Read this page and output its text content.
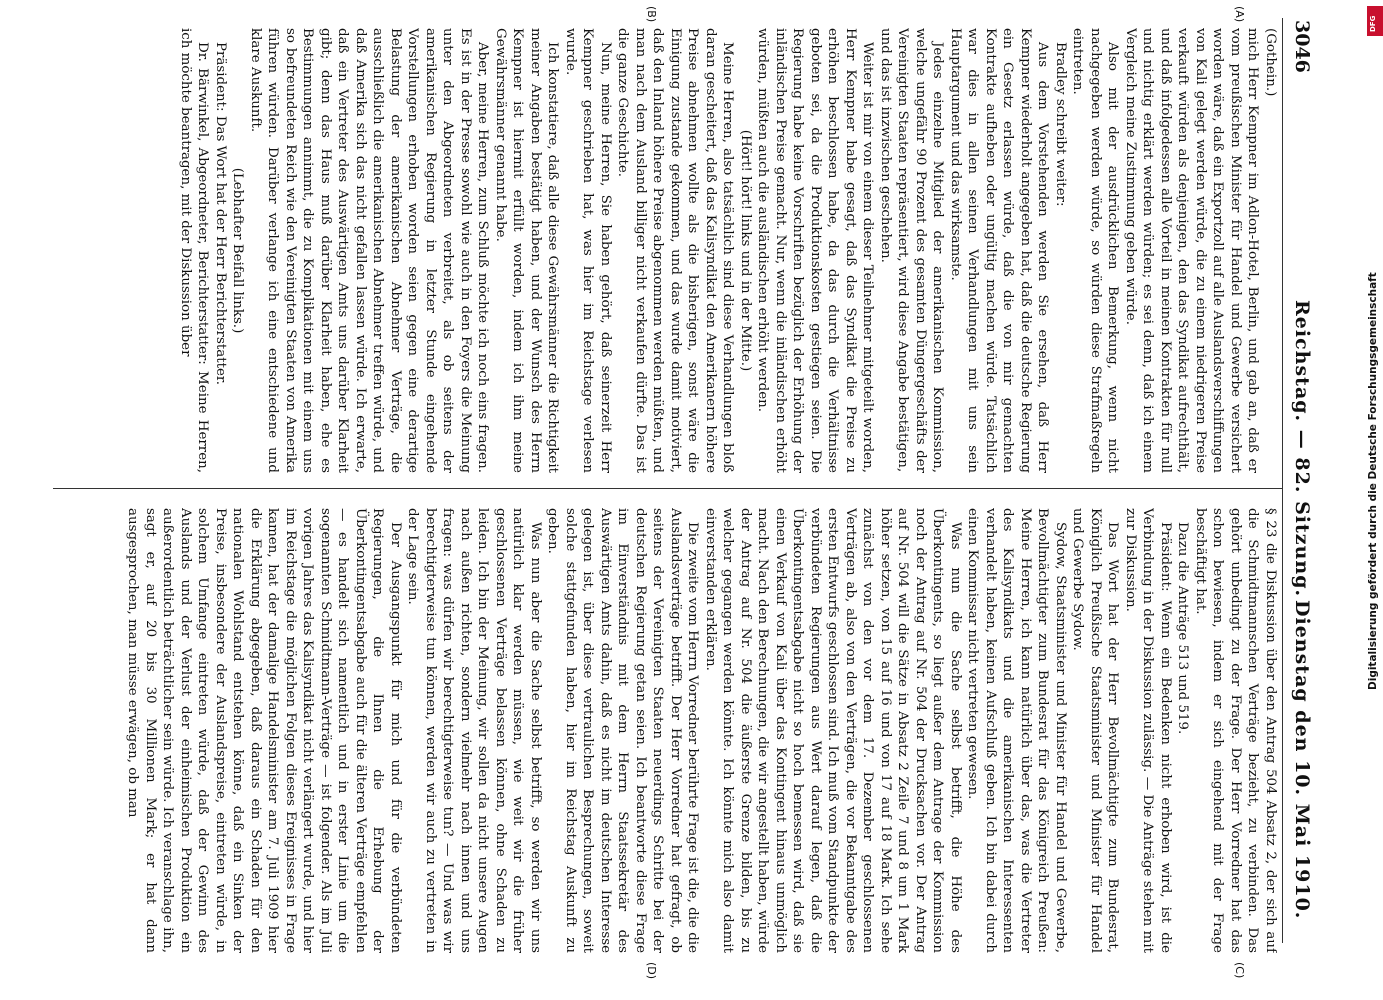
3046
Reichstag. — 82. Sitzung.
Dienstag den 10. Mai 1910.
(A)
(B)
(C)
(D)

(Gothein.)

mich Herr Kempner im Adlon-Hotel, Berlin, und gab an, daß er vom preußischen Minister für Handel und Gewerbe versichert worden wäre, daß ein Exportzoll auf alle Auslandsverschiffungen von Kali gelegt werden würde, die zu einem niedrigeren Preise verkauft würden als denjenigen, den das Syndikat aufrechthält, und daß infolgedessen alle Vorteil in meinen Kontrakten für null und nichtig erklärt werden würden; es sei denn, daß ich einem Vergleich meine Zustimmung geben würde.

Also mit der ausdrücklichen Bemerkung, wenn nicht nachgegeben werden würde, so würden diese Strafmaßregeln eintreten.

Bradley schreibt weiter:

Aus dem Vorstehenden werden Sie ersehen, daß Herr Kempner wiederholt angegeben hat, daß die deutsche Regierung ein Gesetz erlassen würde, daß die von mir gemachten Kontrakte aufheben oder ungültig machen würde. Tatsächlich war dies in allen seinen Verhandlungen mit uns sein Hauptargument und das wirksamste.

Jedes einzelne Mitglied der amerikanischen Kommission, welche ungefähr 90 Prozent des gesamten Düngergeschäfts der Vereinigten Staaten repräsentiert, wird diese Angabe bestätigen,

und das ist inzwischen geschehen.

Weiter ist mir von einem dieser Teilnehmer mitgeteilt worden, Herr Kempner habe gesagt, daß das Syndikat die Preise zu erhöhen beschlossen habe, da das durch die Verhältnisse geboten sei, da die Produktionskosten gestiegen seien. Die Regierung habe keine Vorschriften bezüglich der Erhöhung der inländischen Preise gemacht. Nur, wenn die inländischen erhöht würden, müßten auch die ausländischen erhöht werden.

(Hört! hört! links und in der Mitte.)

Meine Herren, also tatsächlich sind diese Verhandlungen bloß daran gescheitert, daß das Kalisyndikat den Amerikanern höhere Preise abnehmen wollte als die bisherigen, sonst wäre die Einigung zustande gekommen, und das wurde damit motiviert, daß den Inland höhere Preise abgenommen werden müßten, und man nach dem Ausland billiger nicht verkaufen dürfte. Das ist die ganze Geschichte.

Nun, meine Herren, Sie haben gehört, daß seinerzeit Herr Kempner geschrieben hat, was hier im Reichstage verlesen wurde.

Ich konstatiere, daß alle diese Gewährsmänner die Richtigkeit meiner Angaben bestätigt haben, und der Wunsch des Herrn Kempner ist hiermit erfüllt worden, indem ich ihm meine Gewährsmänner genannt habe.

Aber, meine Herren, zum Schluß möchte ich noch eins fragen. Es ist in der Presse sowohl wie auch in den Foyers die Meinung unter den Abgeordneten verbreitet, als ob seitens der amerikanischen Regierung in letzter Stunde eingehende Vorstellungen erhoben worden seien gegen eine derartige Belastung der amerikanischen Abnehmer Verträge, die ausschließlich die amerikanischen Abnehmer treffen würde, und daß Amerika sich das nicht gefallen lassen würde. Ich erwarte, daß ein Vertreter des Auswärtigen Amts uns darüber Klarheit gibt; denn das Haus muß darüber Klarheit haben, ehe es Bestimmungen annimmt, die zu Komplikationen mit einem uns so befreundeten Reich wie den Vereinigten Staaten von Amerika führen würden. Darüber verlange ich eine entschiedene und klare Auskunft.

(Lebhafter Beifall links.)

Präsident: Das Wort hat der Herr Berichterstatter.

Dr. Bärwinkel, Abgeordneter, Berichterstatter: Meine Herren, ich möchte beantragen, mit der Diskussion über

§ 23 die Diskussion über den Antrag 504 Absatz 2, der sich auf die Schmidtmannschen Verträge bezieht, zu verbinden. Das gehört unbedingt zu der Frage. Der Herr Vorredner hat das schon bewiesen, indem er sich eingehend mit der Frage beschäftigt hat.

Dazu die Anträge 513 und 519.

Präsident: Wenn ein Bedenken nicht erhoben wird, ist die Verbindung in der Diskussion zulässig. — Die Anträge stehen mit zur Diskussion.

Das Wort hat der Herr Bevollmächtigte zum Bundesrat, Königlich Preußische Staatsminister und Minister für Handel und Gewerbe Sydow.

Sydow, Staatsminister und Minister für Handel und Gewerbe, Bevollmächtigter zum Bundesrat für das Königreich Preußen: Meine Herren, ich kann natürlich über das, was die Vertreter des Kalisyndikats und die amerikanischen Interessenten verhandelt haben, keinen Aufschluß geben. Ich bin dabei durch einen Kommissar nicht vertreten gewesen.

Was nun die Sache selbst betrifft, die Höhe des Überkontingents, so liegt außer dem Antrage der Kommission noch der Antrag auf Nr. 504 der Drucksachen vor. Der Antrag auf Nr. 504 will die Sätze in Absatz 2 Zeile 7 und 8 um 1 Mark höher setzen, von 15 auf 16 und von 17 auf 18 Mark. Ich sehe zunächst von den vor dem 17. Dezember geschlossenen Verträgen ab, also von den Verträgen, die vor Bekanntgabe des ersten Entwurfs geschlossen sind. Ich muß vom Standpunkte der verbündeten Regierungen aus Wert darauf legen, daß die Überkontingentsabgabe nicht so hoch bemessen wird, daß sie einen Verkauf von Kali über das Kontingent hinaus unmöglich macht. Nach den Berechnungen, die wir angestellt haben, würde der Antrag auf Nr. 504 die äußerste Grenze bilden, bis zu welcher gegangen werden könnte. Ich könnte mich also damit einverstanden erklären.

Die zweite vom Herrn Vorredner berührte Frage ist die, die die Auslandsverträge betrifft. Der Herr Vorredner hat gefragt, ob seitens der Vereinigten Staaten neuerdings Schritte bei der deutschen Regierung getan seien. Ich beantworte diese Frage im Einverständnis mit dem Herrn Staatssekretär des Auswärtigen Amts dahin, daß es nicht im deutschen Interesse gelegen ist, über diese vertraulichen Besprechungen, soweit solche stattgefunden haben, hier im Reichstag Auskunft zu geben.

Was nun aber die Sache selbst betrifft, so werden wir uns natürlich klar werden müssen, wie weit wir die früher geschlossenen Verträge belassen können, ohne Schaden zu leiden. Ich bin der Meinung, wir sollen da nicht unsere Augen nach außen richten, sondern vielmehr nach innen und uns fragen: was dürfen wir berechtigterweise tun? — Und was wir berechtigterweise tun können, werden wir auch zu vertreten in der Lage sein.

Der Ausgangspunkt für mich und für die verbündeten Regierungen, die Ihnen die Erhebung der Überkontingentsabgabe auch für die älteren Verträge empfehlen — es handelt sich namentlich und in erster Linie um die sogenannten Schmidtmann-Verträge — ist folgender. Als im Juli vorigen Jahres das Kalisyndikat nicht verlängert wurde, und hier im Reichstage die möglichen Folgen dieses Ereignisses in Frage kamen, hat der damalige Handelsminister am 7. Juli 1909 hier die Erklärung abgegeben, daß daraus ein Schaden für den nationalen Wohlstand entstehen könne, daß ein Sinken der Preise, insbesondere der Auslandspreise, eintreten würde, in solchem Umfange eintreten würde, daß der Gewinn des Auslands und der Verlust der einheimischen Produktion ein außerordentlich beträchtlicher sein würde. Ich veranschlage ihn, sagt er, auf 20 bis 30 Millionen Mark; er hat dann ausgesprochen, man müsse erwägen, ob man

DFG
Digitalisierung gefördert durch die Deutsche Forschungsgemeinschaft
